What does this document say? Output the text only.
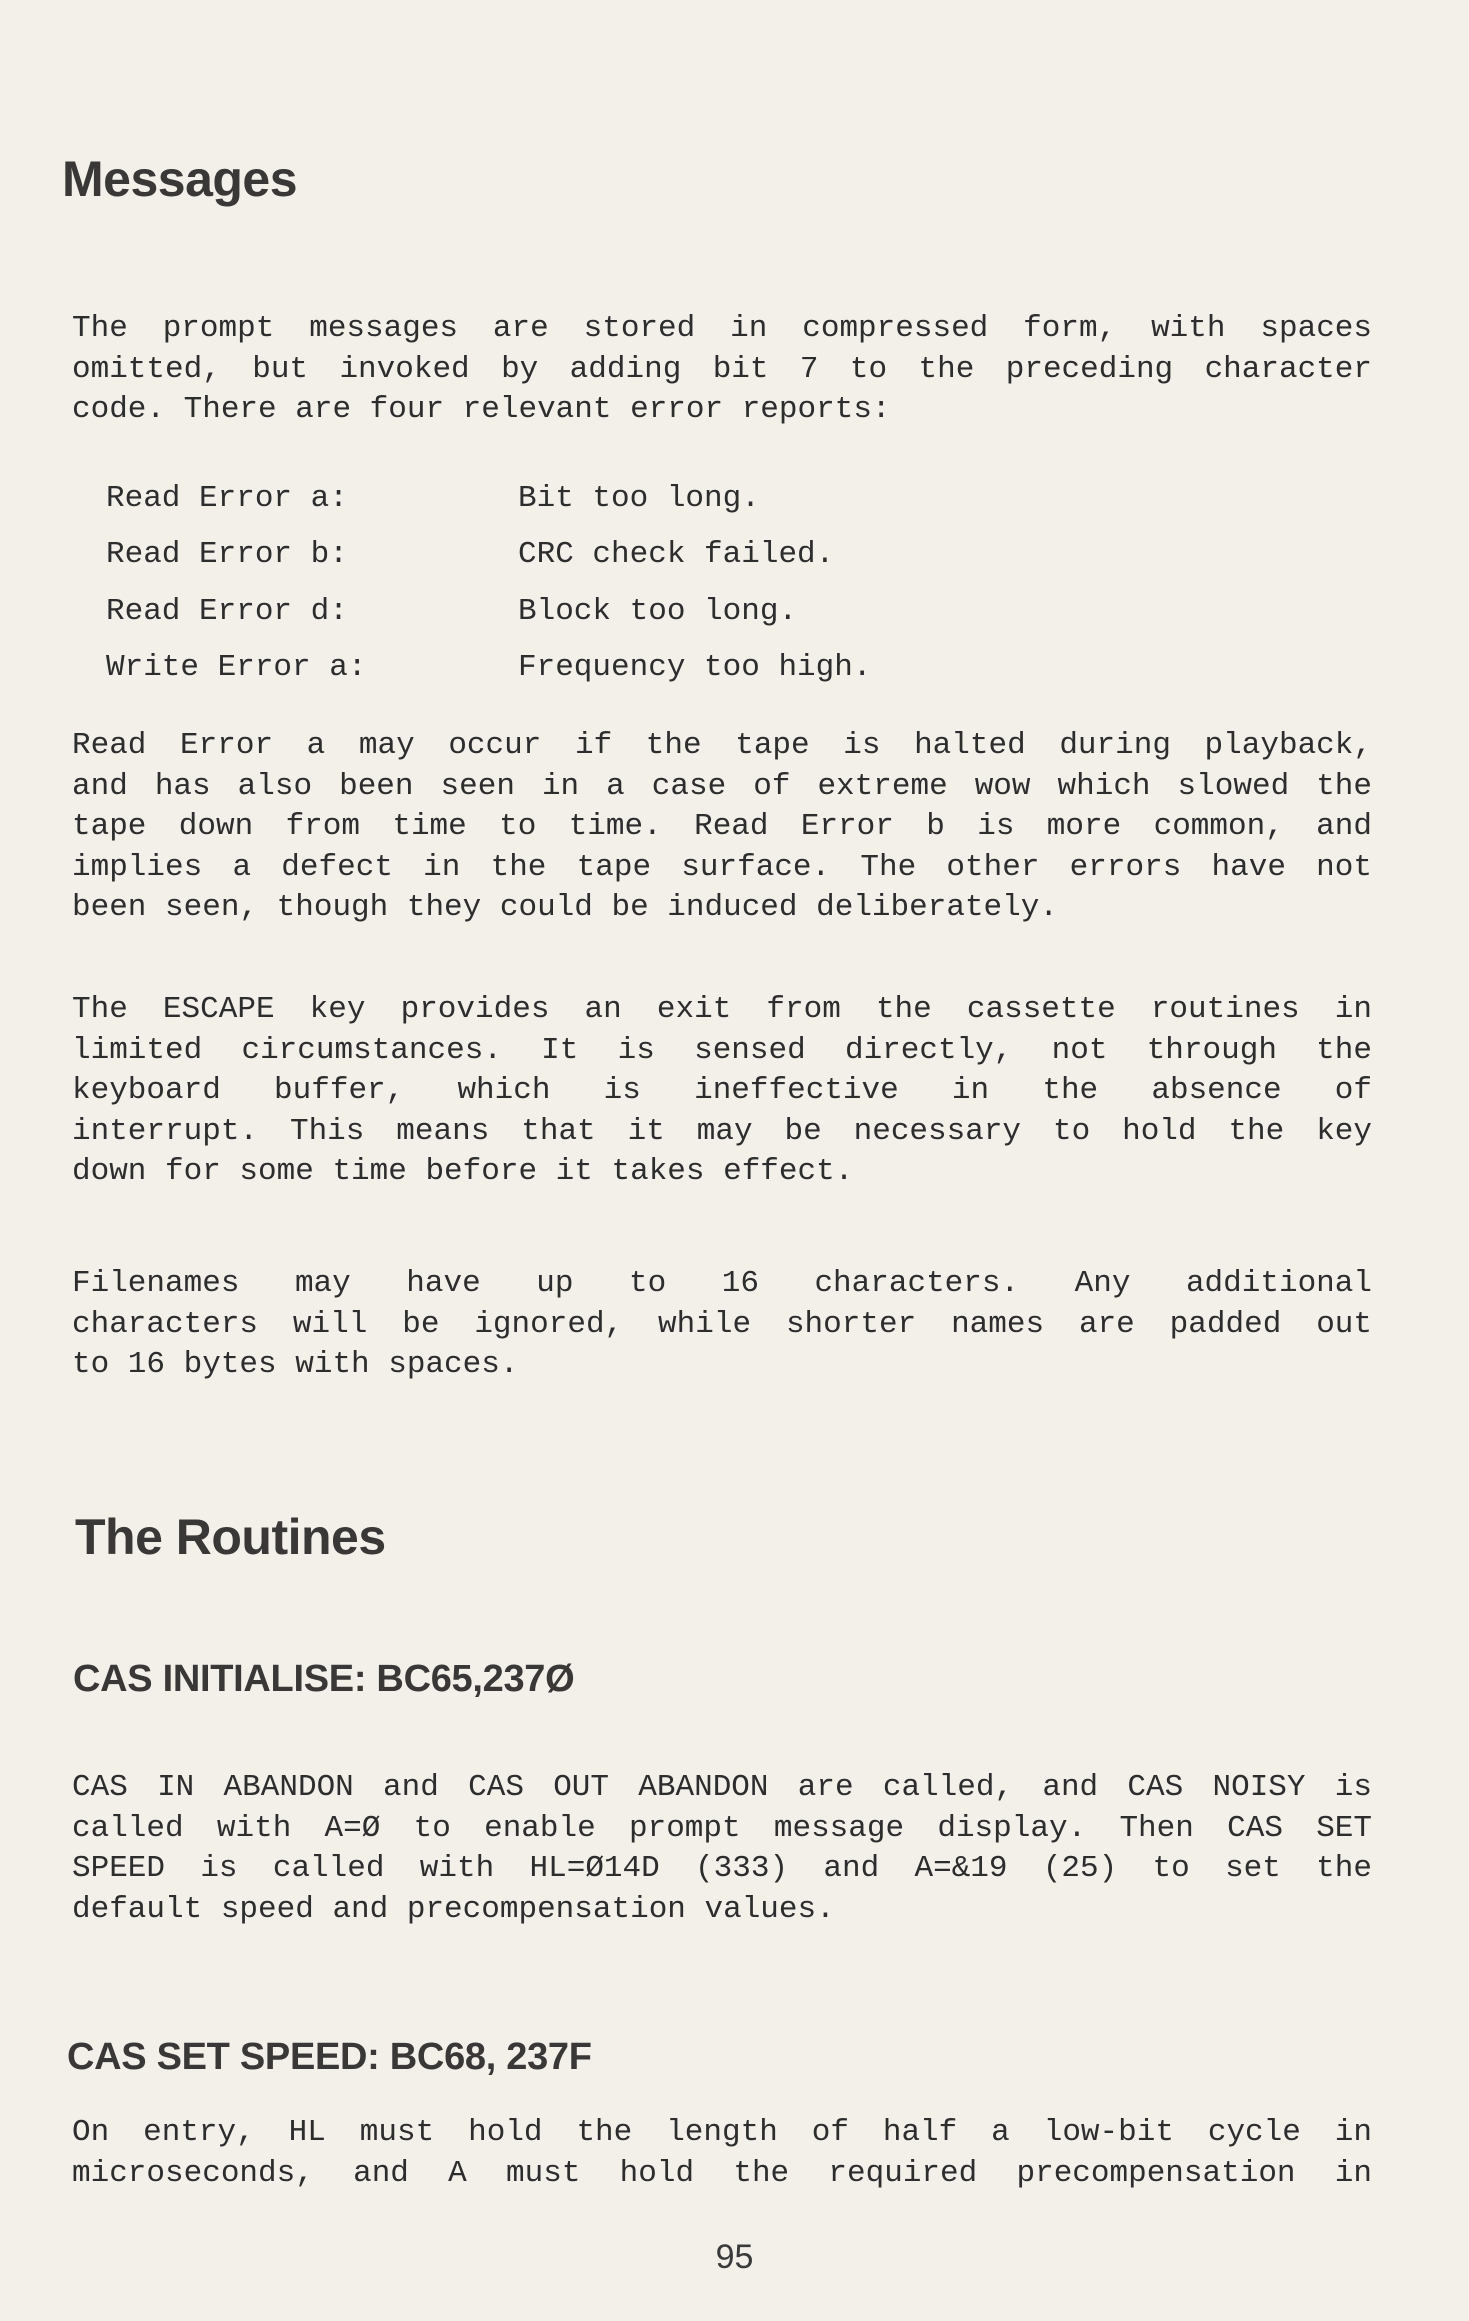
Messages
The prompt messages are stored in compressed form, with spaces
omitted, but invoked by adding bit 7 to the preceding character
code. There are four relevant error reports:
Read Error a:	Bit too long.
Read Error b:	CRC check failed.
Read Error d:	Block too long.
Write Error a:	Frequency too high.
Read Error a may occur if the tape is halted during playback,
and has also been seen in a case of extreme wow which slowed the
tape down from time to time. Read Error b is more common, and
implies a defect in the tape surface. The other errors have not
been seen, though they could be induced deliberately.
The ESCAPE key provides an exit from the cassette routines in
limited circumstances. It is sensed directly, not through the
keyboard buffer, which is ineffective in the absence of
interrupt. This means that it may be necessary to hold the key
down for some time before it takes effect.
Filenames may have up to 16 characters. Any additional
characters will be ignored, while shorter names are padded out
to 16 bytes with spaces.
The Routines
CAS INITIALISE: BC65,237Ø
CAS IN ABANDON and CAS OUT ABANDON are called, and CAS NOISY is
called with A=Ø to enable prompt message display. Then CAS SET
SPEED is called with HL=Ø14D (333) and A=&19 (25) to set the
default speed and precompensation values.
CAS SET SPEED: BC68, 237F
On entry, HL must hold the length of half a low-bit cycle in
microseconds, and A must hold the required precompensation in
95
